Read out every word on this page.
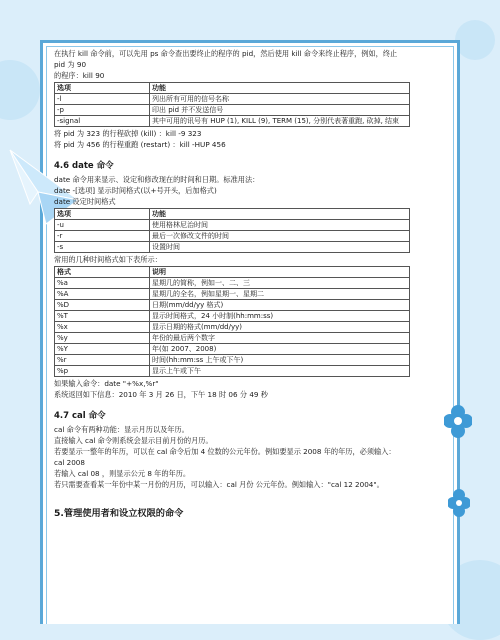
在执行 kill 命令前，可以先用 ps 命令查出要终止的程序的 pid，然后使用 kill 命令来终止程序，例如，终止 pid 为 90

的程序：kill 90

选项	功能
-l	列出所有可用的信号名称
-p	印出 pid 并不发送信号
-signal	其中可用的讯号有 HUP (1), KILL (9), TERM (15), 分别代表著重跑, 砍掉, 结束

将 pid 为 323 的行程砍掉 (kill) ：kill -9 323

将 pid 为 456 的行程重跑 (restart) ：kill -HUP 456

4.6 date 命令

date 命令用来显示、设定和修改现在的时间和日期。标准用法：

date -[选项] 显示时间格式(以+号开头，后加格式)

date 设定时间格式

选项	功能
-u	使用格林尼治时间
-r	最后一次修改文件的时间
-s	设置时间

常用的几种时间格式如下表所示：

格式	说明
%a	星期几的简称，例如一、二、三
%A	星期几的全名，例如星期一、星期二
%D	日期(mm/dd/yy 格式)
%T	显示时间格式，24 小时制(hh:mm:ss)
%x	显示日期的格式(mm/dd/yy)
%y	年份的最后两个数字
%Y	年(如 2007、2008)
%r	时间(hh:mm:ss 上午或下午)
%p	显示上午或下午

如果输入命令：date "+%x,%r"

系统返回如下信息：2010 年 3 月 26 日，下午 18 时 06 分 49 秒

4.7 cal 命令

cal 命令有两种功能：显示月历以及年历。

直接输入 cal 命令则系统会显示目前月份的月历。

若要显示一整年的年历，可以在 cal 命令后加 4 位数的公元年份。例如要显示 2008 年的年历，必须输入：

cal 2008

若输入 cal 08 ，则显示公元 8 年的年历。

若只需要查看某一年份中某一月份的月历，可以输入：cal 月份 公元年份。例如输入："cal 12 2004"。

5.管理使用者和设立权限的命令
